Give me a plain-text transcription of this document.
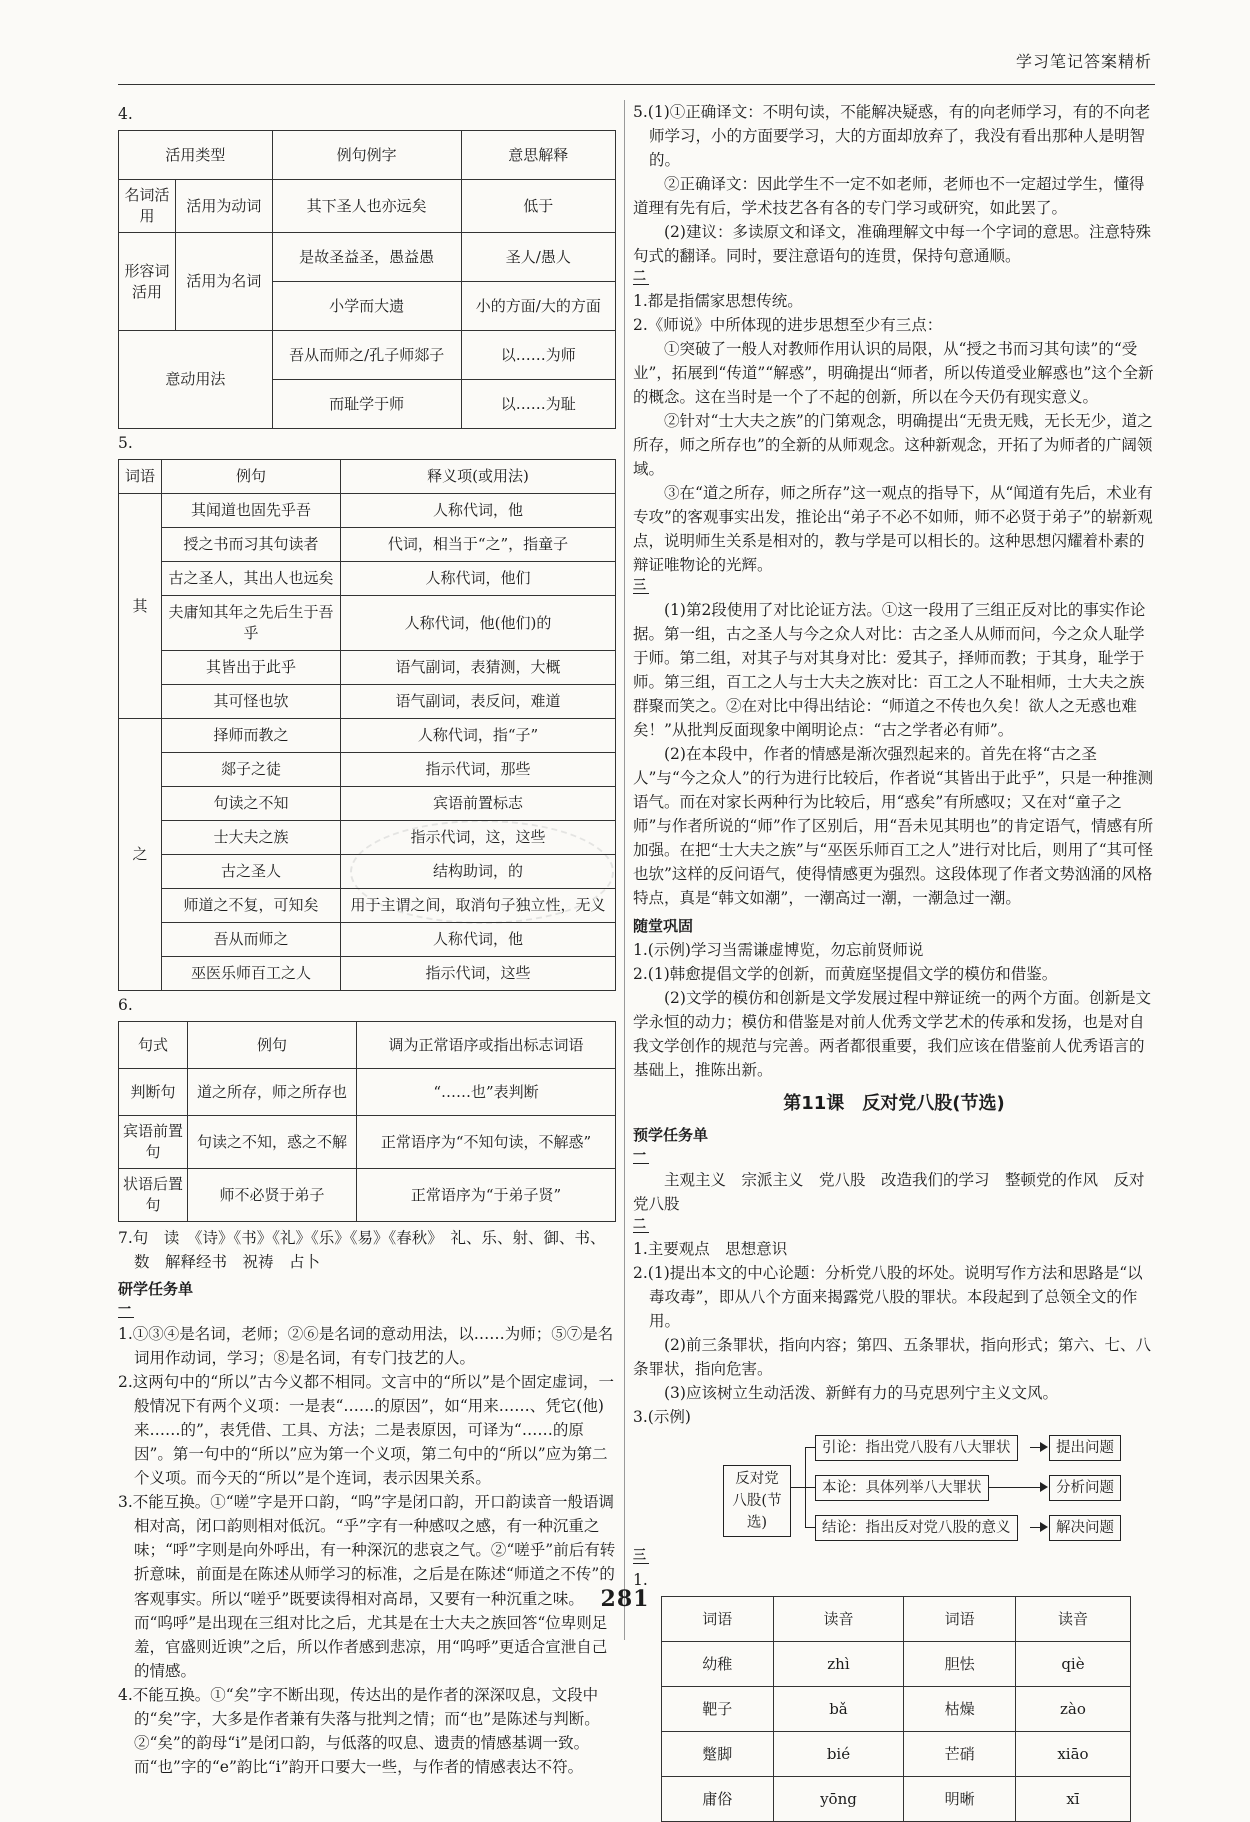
学习笔记答案精析

4.

活用类型		例句例字	意思解释
名词活用	活用为动词	其下圣人也亦远矣	低于
形容词活用	活用为名词	是故圣益圣，愚益愚	圣人/愚人
		小学而大遗	小的方面/大的方面
意动用法		吾从而师之/孔子师郯子	以……为师
		而耻学于师	以……为耻

5.

词语	例句	释义项(或用法)
其	其闻道也固先乎吾	人称代词，他
	授之书而习其句读者	代词，相当于“之”，指童子
	古之圣人，其出人也远矣	人称代词，他们
	夫庸知其年之先后生于吾乎	人称代词，他(他们)的
	其皆出于此乎	语气副词，表猜测，大概
	其可怪也欤	语气副词，表反问，难道
之	择师而教之	人称代词，指“子”
	郯子之徒	指示代词，那些
	句读之不知	宾语前置标志
	士大夫之族	指示代词，这，这些
	古之圣人	结构助词，的
	师道之不复，可知矣	用于主谓之间，取消句子独立性，无义
	吾从而师之	人称代词，他
	巫医乐师百工之人	指示代词，这些

6.

句式	例句	调为正常语序或指出标志词语
判断句	道之所存，师之所存也	“……也”表判断
宾语前置句	句读之不知，惑之不解	正常语序为“不知句读，不解惑”
状语后置句	师不必贤于弟子	正常语序为“于弟子贤”

7.句　读　《诗》《书》《礼》《乐》《易》《春秋》　礼、乐、射、御、书、数　解释经书　祝祷　占卜

研学任务单

一

1.①③④是名词，老师；②⑥是名词的意动用法，以……为师；⑤⑦是名词用作动词，学习；⑧是名词，有专门技艺的人。

2.这两句中的“所以”古今义都不相同。文言中的“所以”是个固定虚词，一般情况下有两个义项：一是表“……的原因”，如“用来……、凭它(他)来……的”，表凭借、工具、方法；二是表原因，可译为“……的原因”。第一句中的“所以”应为第一个义项，第二句中的“所以”应为第二个义项。而今天的“所以”是个连词，表示因果关系。

3.不能互换。①“嗟”字是开口韵，“呜”字是闭口韵，开口韵读音一般语调相对高，闭口韵则相对低沉。“乎”字有一种感叹之感，有一种沉重之味；“呼”字则是向外呼出，有一种深沉的悲哀之气。②“嗟乎”前后有转折意味，前面是在陈述从师学习的标准，之后是在陈述“师道之不传”的客观事实。所以“嗟乎”既要读得相对高昂，又要有一种沉重之味。而“呜呼”是出现在三组对比之后，尤其是在士大夫之族回答“位卑则足羞，官盛则近谀”之后，所以作者感到悲凉，用“呜呼”更适合宣泄自己的情感。

4.不能互换。①“矣”字不断出现，传达出的是作者的深深叹息，文段中的“矣”字，大多是作者兼有失落与批判之情；而“也”是陈述与判断。②“矣”的韵母“i”是闭口韵，与低落的叹息、遗责的情感基调一致。而“也”字的“e”韵比“i”韵开口要大一些，与作者的情感表达不符。

5.(1)①正确译文：不明句读，不能解决疑惑，有的向老师学习，有的不向老师学习，小的方面要学习，大的方面却放弃了，我没有看出那种人是明智的。

②正确译文：因此学生不一定不如老师，老师也不一定超过学生，懂得道理有先有后，学术技艺各有各的专门学习或研究，如此罢了。

(2)建议：多读原文和译文，准确理解文中每一个字词的意思。注意特殊句式的翻译。同时，要注意语句的连贯，保持句意通顺。

二

1.都是指儒家思想传统。

2.《师说》中所体现的进步思想至少有三点：

①突破了一般人对教师作用认识的局限，从“授之书而习其句读”的“受业”，拓展到“传道”“解惑”，明确提出“师者，所以传道受业解惑也”这个全新的概念。这在当时是一个了不起的创新，所以在今天仍有现实意义。

②针对“士大夫之族”的门第观念，明确提出“无贵无贱，无长无少，道之所存，师之所存也”的全新的从师观念。这种新观念，开拓了为师者的广阔领域。

③在“道之所存，师之所存”这一观点的指导下，从“闻道有先后，术业有专攻”的客观事实出发，推论出“弟子不必不如师，师不必贤于弟子”的崭新观点，说明师生关系是相对的，教与学是可以相长的。这种思想闪耀着朴素的辩证唯物论的光辉。

三

(1)第2段使用了对比论证方法。①这一段用了三组正反对比的事实作论据。第一组，古之圣人与今之众人对比：古之圣人从师而问，今之众人耻学于师。第二组，对其子与对其身对比：爱其子，择师而教；于其身，耻学于师。第三组，百工之人与士大夫之族对比：百工之人不耻相师，士大夫之族群聚而笑之。②在对比中得出结论：“师道之不传也久矣！欲人之无惑也难矣！”从批判反面现象中阐明论点：“古之学者必有师”。

(2)在本段中，作者的情感是渐次强烈起来的。首先在将“古之圣人”与“今之众人”的行为进行比较后，作者说“其皆出于此乎”，只是一种推测语气。而在对家长两种行为比较后，用“惑矣”有所感叹；又在对“童子之师”与作者所说的“师”作了区别后，用“吾未见其明也”的肯定语气，情感有所加强。在把“士大夫之族”与“巫医乐师百工之人”进行对比后，则用了“其可怪也欤”这样的反问语气，使得情感更为强烈。这段体现了作者文势汹涌的风格特点，真是“韩文如潮”，一潮高过一潮，一潮急过一潮。

随堂巩固

1.(示例)学习当需谦虚博览，勿忘前贤师说

2.(1)韩愈提倡文学的创新，而黄庭坚提倡文学的模仿和借鉴。

(2)文学的模仿和创新是文学发展过程中辩证统一的两个方面。创新是文学永恒的动力；模仿和借鉴是对前人优秀文学艺术的传承和发扬，也是对自我文学创作的规范与完善。两者都很重要，我们应该在借鉴前人优秀语言的基础上，推陈出新。

第11课　反对党八股(节选)

预学任务单

一

主观主义　宗派主义　党八股　改造我们的学习　整顿党的作风　反对党八股

二

1.主要观点　思想意识

2.(1)提出本文的中心论题：分析党八股的坏处。说明写作方法和思路是“以毒攻毒”，即从八个方面来揭露党八股的罪状。本段起到了总领全文的作用。

(2)前三条罪状，指向内容；第四、五条罪状，指向形式；第六、七、八条罪状，指向危害。

(3)应该树立生动活泼、新鲜有力的马克思列宁主义文风。

3.(示例)

反对党八股(节选)
引论：指出党八股有八大罪状
本论：具体列举八大罪状
结论：指出反对党八股的意义
提出问题
分析问题
解决问题
三

1.

词语	读音	词语	读音
幼稚	zhì	胆怯	qiè
靶子	bǎ	枯燥	zào
蹩脚	bié	芒硝	xiāo
庸俗	yōng	明晰	xī
281
